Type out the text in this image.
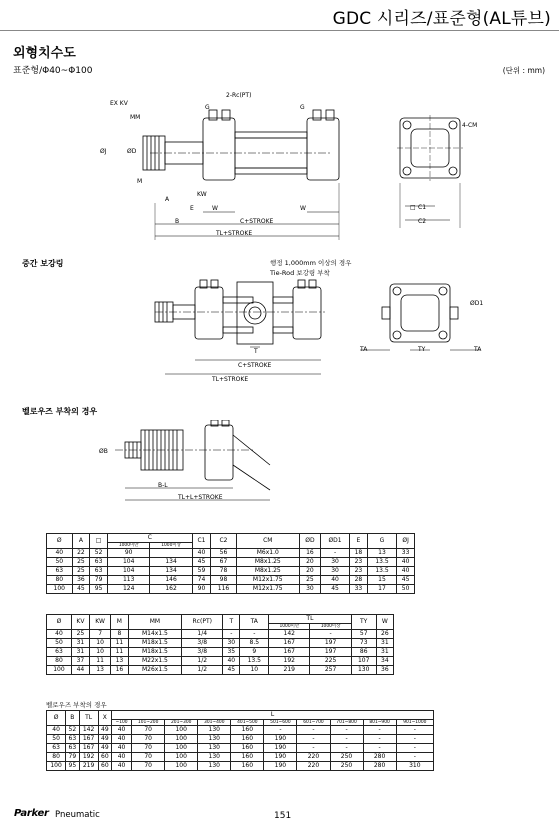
GDC 시리즈/표준형(AL튜브)
외형치수도
표준형/Φ40~Φ100	(단위 : mm)
2-Rc(PT)
4-CM
MM
EX KV
ØJ	ØD
G	G
M
KW
E	W	W
C+STROKE
B
TL+STROKE
A
C1
C2
□
중간 보강링	행정 1,000mm 이상의 경우
Tie-Rod 보강링 부착
T
C+STROKE
TL+STROKE
TA	TY	TA
ØD1
벨로우즈 부착의 경우
ØB
B-L
TL+L+STROKE
Ø	A	□	C		C1	C2	CM	ØD	ØD1	E	G	ØJ
			1000미만	1000이상								
40	22	52	90		40	56	M6x1.0	16	-	18	13	33
50	25	63	104	134	45	67	M8x1.25	20	30	23	13.5	40
63	25	63	104	134	59	78	M8x1.25	20	30	23	13.5	40
80	36	79	113	146	74	98	M12x1.75	25	40	28	15	45
100	45	95	124	162	90	116	M12x1.75	30	45	33	17	50
Ø	KV	KW	M	MM	Rc(PT)	T	TA	TL		TY	W
								1000미만	1000이상		
40	25	7	8	M14x1.5	1/4	-	-	142	-	57	26
50	31	10	11	M18x1.5	3/8	30	8.5	167	197	73	31
63	31	10	11	M18x1.5	3/8	35	9	167	197	86	31
80	37	11	13	M22x1.5	1/2	40	13.5	192	225	107	34
100	44	13	16	M26x1.5	1/2	45	10	219	257	130	36
벨로우즈 부착의 경우
Ø	B	TL	X	L									
				~100	101~200	201~300	301~400	401~500	501~600	601~700	701~800	801~900	901~1000
40	52	142	49	40	70	100	130	160	-	-	-	-	-
50	63	167	49	40	70	100	130	160	190	-	-	-	-
63	63	167	49	40	70	100	130	160	190	-	-	-	-
80	79	192	60	40	70	100	130	160	190	220	250	280	-
100	95	219	60	40	70	100	130	160	190	220	250	280	310
Parker Pneumatic	151
